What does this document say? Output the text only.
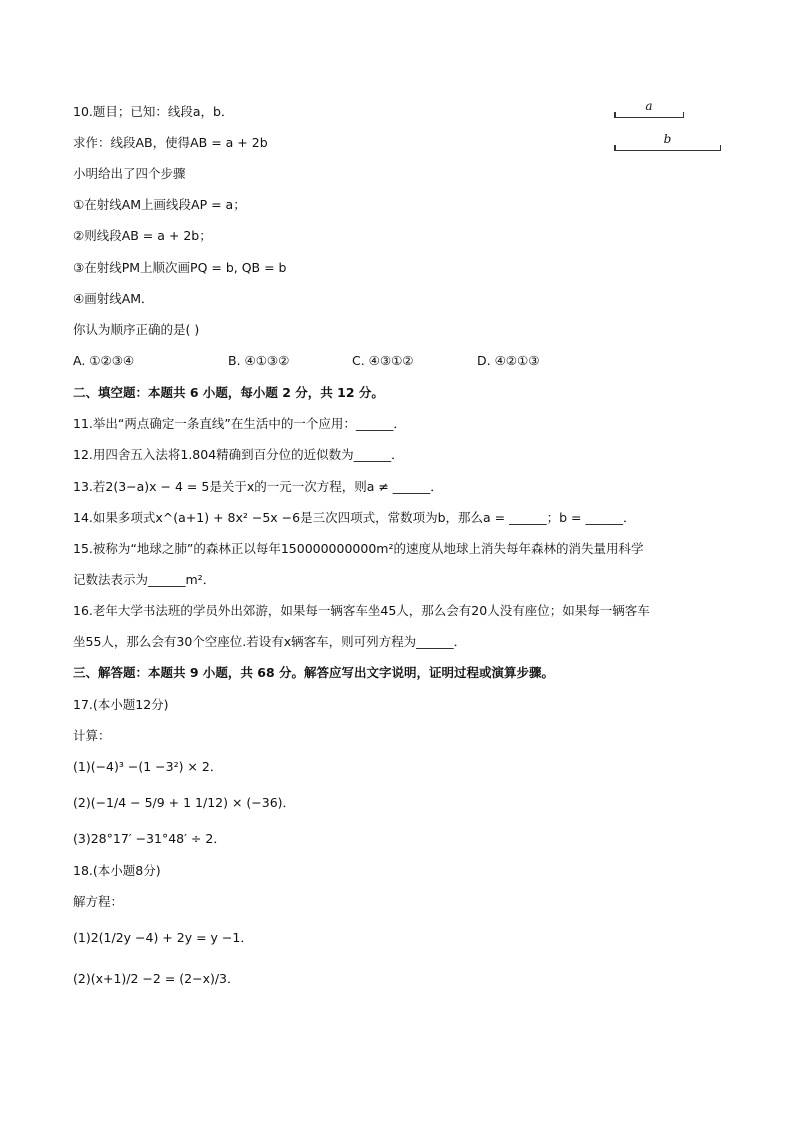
10.题目；已知：线段a，b．
求作：线段AB，使得AB = a + 2b
小明给出了四个步骤
①在射线AM上画线段AP = a；
②则线段AB = a + 2b；
③在射线PM上顺次画PQ = b, QB = b
④画射线AM．
你认为顺序正确的是( )
A. ①②③④	B. ④①③②	C. ④③①②	D. ④②①③
a
b
二、填空题：本题共 6 小题，每小题 2 分，共 12 分。
11.举出“两点确定一条直线”在生活中的一个应用：______．
12.用四舍五入法将1.804精确到百分位的近似数为______．
13.若2(3−a)x − 4 = 5是关于x的一元一次方程，则a ≠ ______．
14.如果多项式x^(a+1) + 8x² −5x −6是三次四项式，常数项为b，那么a = ______；b = ______．
15.被称为“地球之肺”的森林正以每年150000000000m²的速度从地球上消失每年森林的消失量用科学
记数法表示为______m²．
16.老年大学书法班的学员外出郊游，如果每一辆客车坐45人，那么会有20人没有座位；如果每一辆客车
坐55人，那么会有30个空座位.若设有x辆客车，则可列方程为______．
三、解答题：本题共 9 小题，共 68 分。解答应写出文字说明，证明过程或演算步骤。
17.(本小题12分)
计算：
(1)(−4)³ −(1 −3²) × 2．
(2)(−1/4 − 5/9 + 1 1/12) × (−36)．
(3)28°17′ −31°48′ ÷ 2．
18.(本小题8分)
解方程：
(1)2(1/2y −4) + 2y = y −1．
(2)(x+1)/2 −2 = (2−x)/3．
